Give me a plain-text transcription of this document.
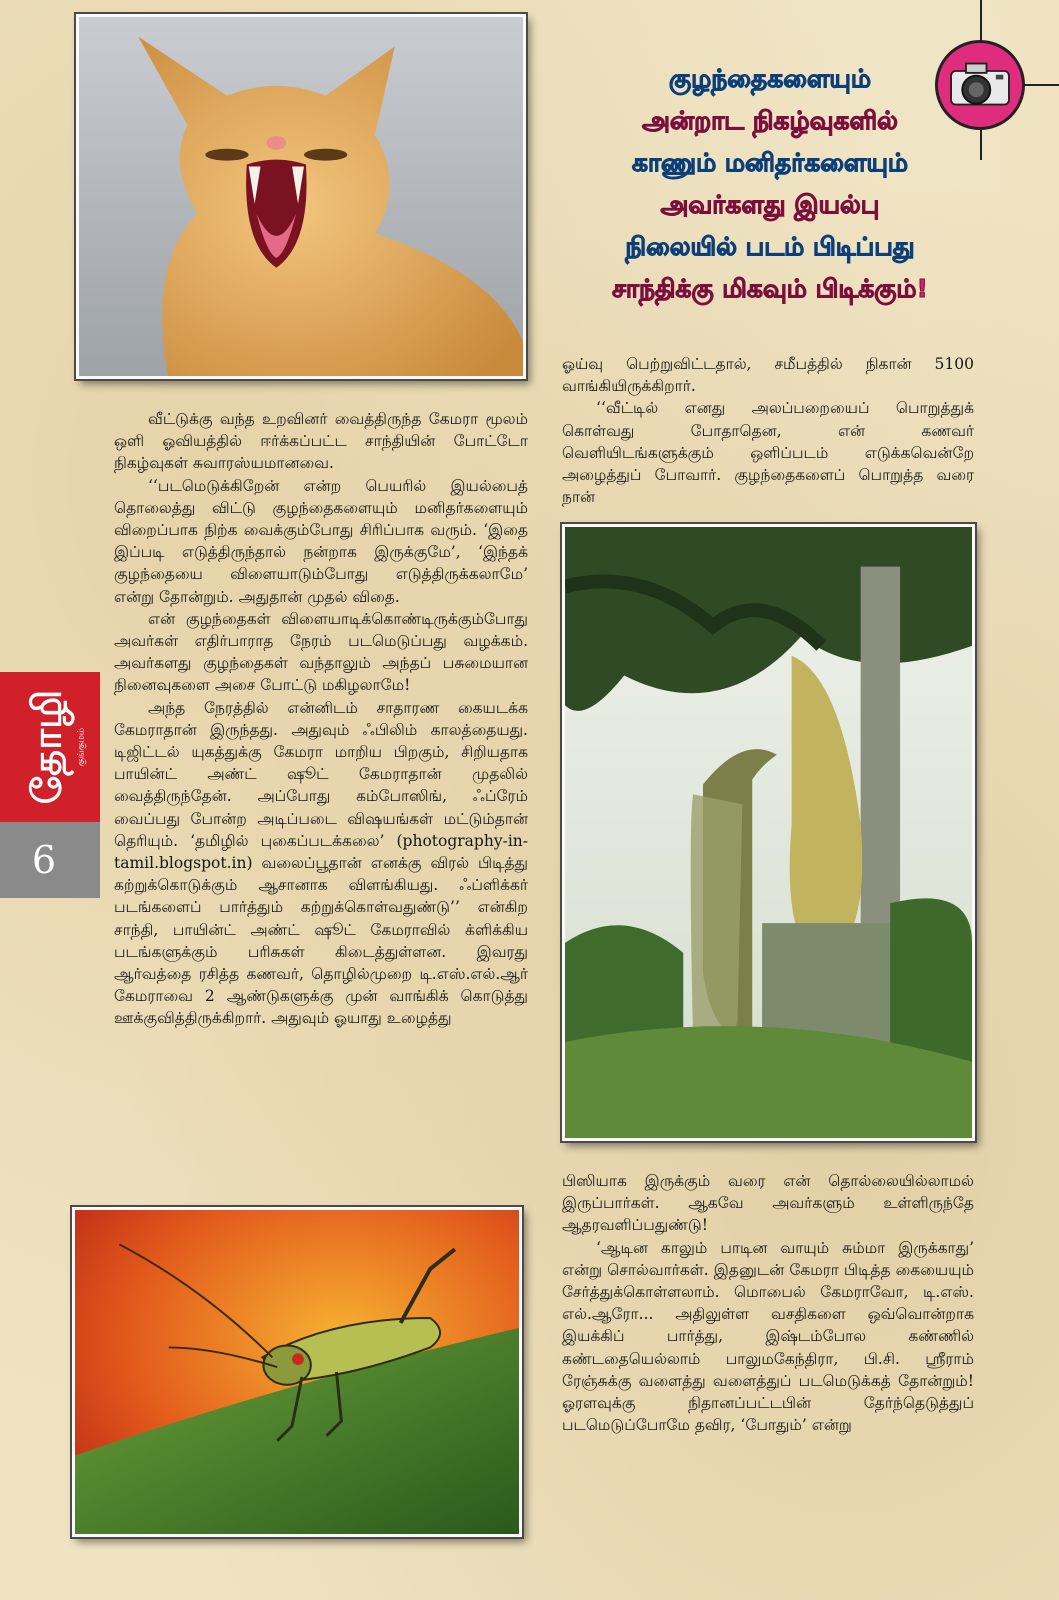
குழந்தைகளையும்
அன்றாட நிகழ்வுகளில்
காணும் மனிதர்களையும்
அவர்களது இயல்பு
நிலையில் படம் பிடிப்பது
சாந்திக்கு மிகவும் பிடிக்கும்!

ஓய்வு பெற்றுவிட்டதால், சமீபத்தில் நிகான் 5100 வாங்கியிருக்கிறார்.

‘‘வீட்டில் எனது அலப்பறையைப் பொறுத்துக் கொள்வது போதாதென, என் கணவர் வெளியிடங்களுக்கும் ஒளிப்படம் எடுக்கவென்றே அழைத்துப் போவார். குழந்தைகளைப் பொறுத்த வரை நான்

வீட்டுக்கு வந்த உறவினர் வைத்திருந்த கேமரா மூலம் ஒளி ஓவியத்தில் ஈர்க்கப்பட்ட சாந்தியின் போட்டோ நிகழ்வுகள் சுவாரஸ்யமானவை.

‘‘படமெடுக்கிறேன் என்ற பெயரில் இயல்பைத் தொலைத்து விட்டு குழந்தைகளையும் மனிதர்களையும் விறைப்பாக நிற்க வைக்கும்போது சிரிப்பாக வரும். ‘இதை இப்படி எடுத்திருந்தால் நன்றாக இருக்குமே’, ‘இந்தக் குழந்தையை விளையாடும்போது எடுத்திருக்கலாமே’ என்று தோன்றும். அதுதான் முதல் விதை.

என் குழந்தைகள் விளையாடிக்கொண்டிருக்கும்போது அவர்கள் எதிர்பாராத நேரம் படமெடுப்பது வழக்கம். அவர்களது குழந்தைகள் வந்தாலும் அந்தப் பசுமையான நினைவுகளை அசை போட்டு மகிழலாமே!

அந்த நேரத்தில் என்னிடம் சாதாரண கையடக்க கேமராதான் இருந்தது. அதுவும் ஃபிலிம் காலத்தையது. டிஜிட்டல் யுகத்துக்கு கேமரா மாறிய பிறகும், சிறியதாக பாயின்ட் அண்ட் ஷூட் கேமராதான் முதலில் வைத்திருந்தேன். அப்போது கம்போஸிங், ஃப்ரேம் வைப்பது போன்ற அடிப்படை விஷயங்கள் மட்டும்தான் தெரியும். ‘தமிழில் புகைப்படக்கலை’ (photography-in-tamil.blogspot.in) வலைப்பூதான் எனக்கு விரல் பிடித்து கற்றுக்கொடுக்கும் ஆசானாக விளங்கியது. ஃப்ளிக்கர் படங்களைப் பார்த்தும் கற்றுக்கொள்வதுண்டு’’ என்கிற சாந்தி, பாயின்ட் அண்ட் ஷூட் கேமராவில் க்ளிக்கிய படங்களுக்கும் பரிசுகள் கிடைத்துள்ளன. இவரது ஆர்வத்தை ரசித்த கணவர், தொழில்முறை டி.எஸ்.எல்.ஆர் கேமராவை 2 ஆண்டுகளுக்கு முன் வாங்கிக் கொடுத்து ஊக்குவித்திருக்கிறார். அதுவும் ஓயாது உழைத்து

பிஸியாக இருக்கும் வரை என் தொல்லையில்லாமல் இருப்பார்கள். ஆகவே அவர்களும் உள்ளிருந்தே ஆதரவளிப்பதுண்டு!

‘ஆடின காலும் பாடின வாயும் சும்மா இருக்காது’ என்று சொல்வார்கள். இதனுடன் கேமரா பிடித்த கையையும் சேர்த்துக்கொள்ளலாம். மொபைல் கேமராவோ, டி.எஸ். எல்.ஆரோ... அதிலுள்ள வசதிகளை ஒவ்வொன்றாக இயக்கிப் பார்த்து, இஷ்டம்போல கண்ணில் கண்டதையெல்லாம் பாலுமகேந்திரா, பி.சி. ஸ்ரீராம் ரேஞ்சுக்கு வளைத்து வளைத்துப் படமெடுக்கத் தோன்றும்! ஓரளவுக்கு நிதானப்பட்டபின் தேர்ந்தெடுத்துப் படமெடுப்போமே தவிர, ‘போதும்’ என்று

குங்குமம்
தோழி
6
